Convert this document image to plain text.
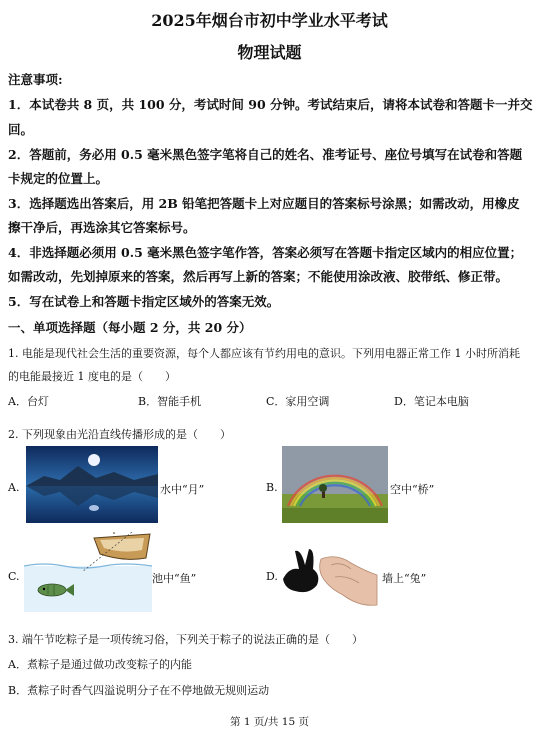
2025年烟台市初中学业水平考试
物理试题
注意事项:
1．本试卷共 8 页，共 100 分，考试时间 90 分钟。考试结束后，请将本试卷和答题卡一并交
回。
2．答题前，务必用 0.5 毫米黑色签字笔将自己的姓名、准考证号、座位号填写在试卷和答题
卡规定的位置上。
3．选择题选出答案后，用 2B 铅笔把答题卡上对应题目的答案标号涂黑；如需改动，用橡皮
擦干净后，再选涂其它答案标号。
4．非选择题必须用 0.5 毫米黑色签字笔作答，答案必须写在答题卡指定区域内的相应位置；
如需改动，先划掉原来的答案，然后再写上新的答案；不能使用涂改液、胶带纸、修正带。
5．写在试卷上和答题卡指定区域外的答案无效。
一、单项选择题（每小题 2 分，共 20 分）
1. 电能是现代社会生活的重要资源，每个人都应该有节约用电的意识。下列用电器正常工作 1 小时所消耗
的电能最接近 1 度电的是（　　）
A．台灯	B．智能手机	C．家用空调	D．笔记本电脑
2. 下列现象由光沿直线传播形成的是（　　）
A.	水中“月”	B.	空中“桥”
C.	池中“鱼”	D.	墙上“兔”
3. 端午节吃粽子是一项传统习俗，下列关于粽子的说法正确的是（　　）
A．煮粽子是通过做功改变粽子的内能
B．煮粽子时香气四溢说明分子在不停地做无规则运动
第 1 页/共 15 页
